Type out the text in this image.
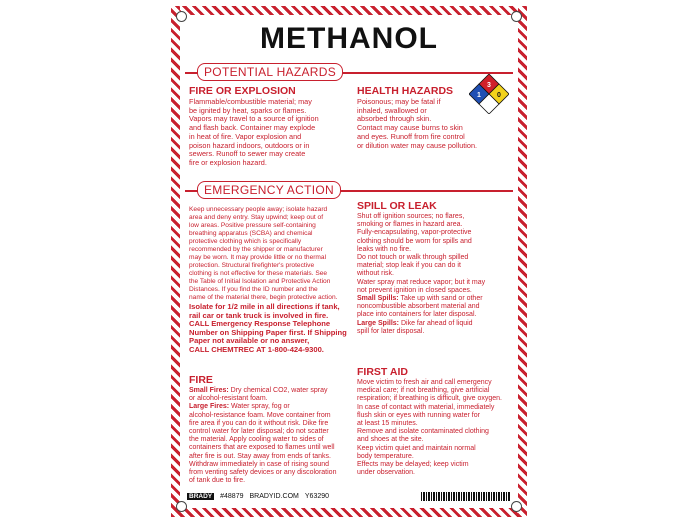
METHANOL
POTENTIAL HAZARDS
FIRE OR EXPLOSION

Flammable/combustible material; may
be ignited by heat, sparks or flames.
Vapors may travel to a source of ignition
and flash back. Container may explode
in heat of fire. Vapor explosion and
poison hazard indoors, outdoors or in
sewers. Runoff to sewer may create
fire or explosion hazard.

HEALTH HAZARDS

Poisonous; may be fatal if
inhaled, swallowed or
absorbed through skin.
Contact may cause burns to skin
and eyes. Runoff from fire control
or dilution water may cause pollution.

3
1 0
EMERGENCY ACTION

Keep unnecessary people away; isolate hazard
area and deny entry. Stay upwind; keep out of
low areas. Positive pressure self-containing
breathing apparatus (SCBA) and chemical
protective clothing which is specifically
recommended by the shipper or manufacturer
may be worn. It may provide little or no thermal
protection. Structural firefighter's protective
clothing is not effective for these materials. See
the Table of Initial Isolation and Protective Action
Distances. If you find the ID number and the
name of the material there, begin protective action.

Isolate for 1/2 mile in all directions if tank,
rail car or tank truck is involved in fire.
CALL Emergency Response Telephone
Number on Shipping Paper first. If Shipping
Paper not available or no answer,
CALL CHEMTREC AT 1-800-424-9300.

FIRE

Small Fires: Dry chemical CO2, water spray

or alcohol-resistant foam.

Large Fires: Water spray, fog or

alcohol-resistance foam. Move container from
fire area if you can do it without risk. Dike fire
control water for later disposal; do not scatter
the material. Apply cooling water to sides of
containers that are exposed to flames until well
after fire is out. Stay away from ends of tanks.
Withdraw immediately in case of rising sound
from venting safety devices or any discoloration
of tank due to fire.

SPILL OR LEAK

Shut off ignition sources; no flares,
smoking or flames in hazard area.
Fully-encapsulating, vapor-protective
clothing should be worn for spills and
leaks with no fire.
Do not touch or walk through spilled
material; stop leak if you can do it
without risk.
Water spray mat reduce vapor; but it may
not prevent ignition in closed spaces.

Small Spills: Take up with sand or other

noncombustible absorbent material and
place into containers for later disposal.

Large Spills: Dike far ahead of liquid

spill for later disposal.

FIRST AID

Move victim to fresh air and call emergency
medical care; if not breathing, give artificial
respiration; if breathing is difficult, give oxygen.
In case of contact with material, immediately
flush skin or eyes with running water for
at least 15 minutes.
Remove and isolate contaminated clothing
and shoes at the site.
Keep victim quiet and maintain normal
body temperature.
Effects may be delayed; keep victim
under observation.

BRADY #48879 BRADYID.COM Y63290
